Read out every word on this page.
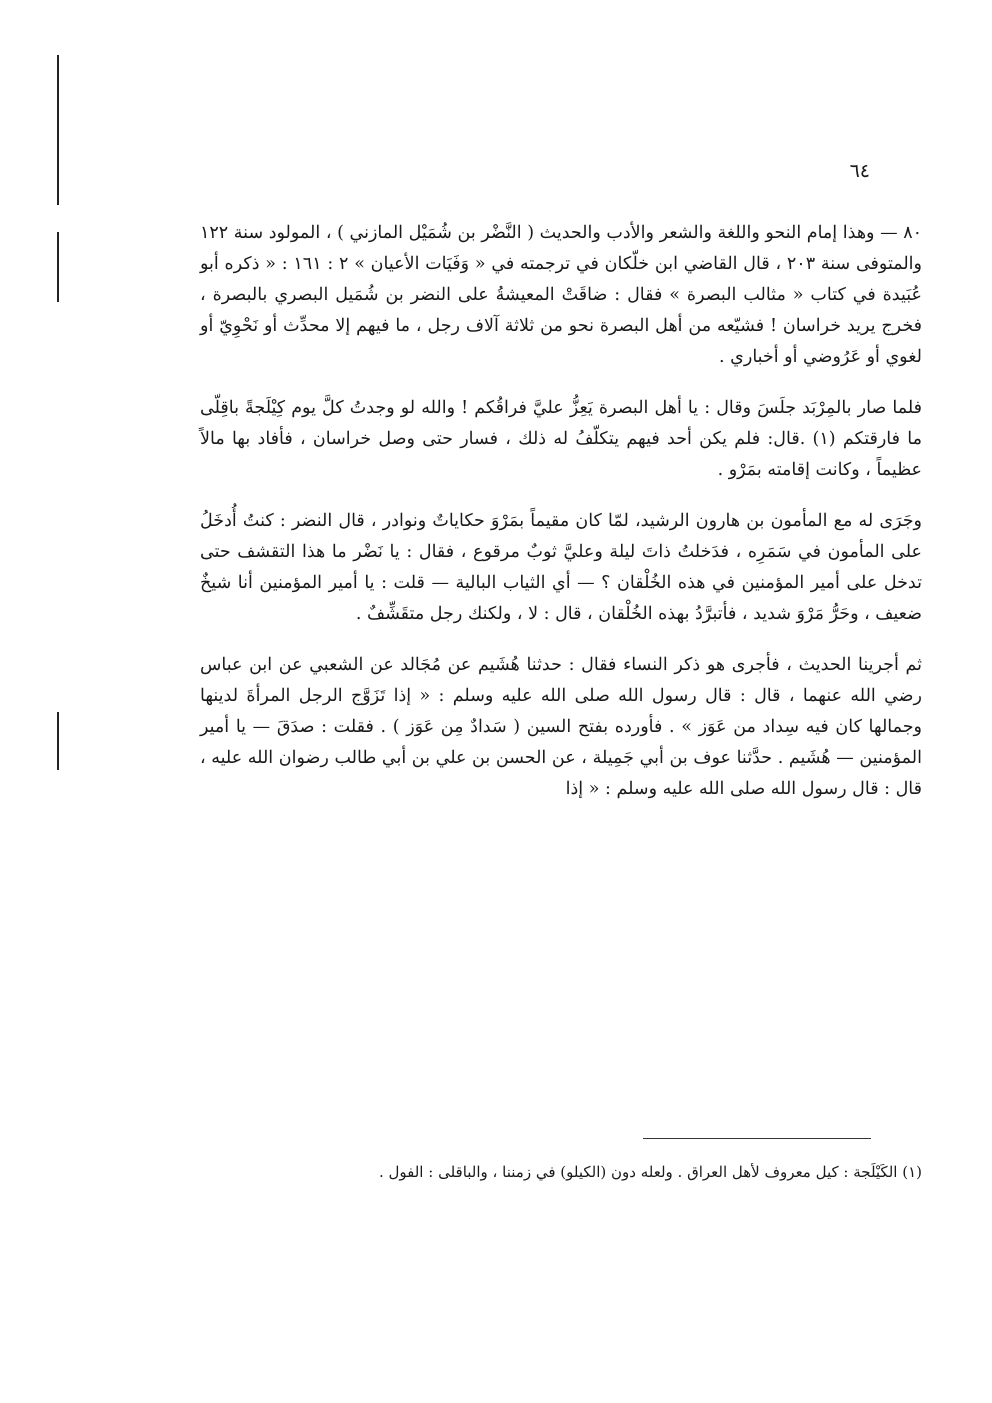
٦٤

٨٠ — وهذا إمام النحو واللغة والشعر والأدب والحديث ( النَّضْر بن شُمَيْل المازني ) ، المولود سنة ١٢٢ والمتوفى سنة ٢٠٣ ، قال القاضي ابن خلّكان في ترجمته في « وَفَيَات الأعيان » ٢ : ١٦١ : « ذكره أبو عُبَيدة في كتاب « مثالب البصرة » فقال : ضاقَتْ المعيشةُ على النضر بن شُمَيل البصري بالبصرة ، فخرج يريد خراسان ! فشيّعه من أهل البصرة نحو من ثلاثة آلاف رجل ، ما فيهم إلا محدِّث أو نَحْوِيّ أو لغوي أو عَرُوضي أو أخباري .

فلما صار بالمِرْبَد جلَسَ وقال : يا أهل البصرة يَعِزُّ عليَّ فراقُكم ! والله لو وجدتُ كلَّ يوم كِيْلَجةً باقِلّى ما فارقتكم (١) .قال: فلم يكن أحد فيهم يتكلّفُ له ذلك ، فسار حتى وصل خراسان ، فأفاد بها مالاً عظيماً ، وكانت إقامته بمَرْو .

وجَرَى له مع المأمون بن هارون الرشيد، لمّا كان مقيماً بمَرْوَ حكاياتٌ ونوادر ، قال النضر : كنتُ أُدخَلُ على المأمون في سَمَرِه ، فدَخلتُ ذاتَ ليلة وعليَّ ثوبٌ مرقوع ، فقال : يا نَضْر ما هذا التقشف حتى تدخل على أمير المؤمنين في هذه الخُلْقان ؟ — أي الثياب البالية — قلت : يا أمير المؤمنين أنا شيخٌ ضعيف ، وحَرُّ مَرْوَ شديد ، فأتبرَّدُ بهذه الخُلْقان ، قال : لا ، ولكنك رجل متقَشِّفٌ .

ثم أجرينا الحديث ، فأجرى هو ذكر النساء فقال : حدثنا هُشَيم عن مُجَالد عن الشعبي عن ابن عباس رضي الله عنهما ، قال : قال رسول الله صلى الله عليه وسلم : « إذا تَزَوَّج الرجل المرأةَ لدينها وجمالها كان فيه سِداد من عَوَز » . فأورده بفتح السين ( سَدادٌ مِن عَوَز ) . فقلت : صدَقَ — يا أمير المؤمنين — هُشَيم . حدَّثنا عوف بن أبي جَمِيلة ، عن الحسن بن علي بن أبي طالب رضوان الله عليه ، قال : قال رسول الله صلى الله عليه وسلم : « إذا

(١) الكَيْلَجة : كيل معروف لأهل العراق . ولعله دون (الكيلو) في زمننا ، والباقلى : الفول .
